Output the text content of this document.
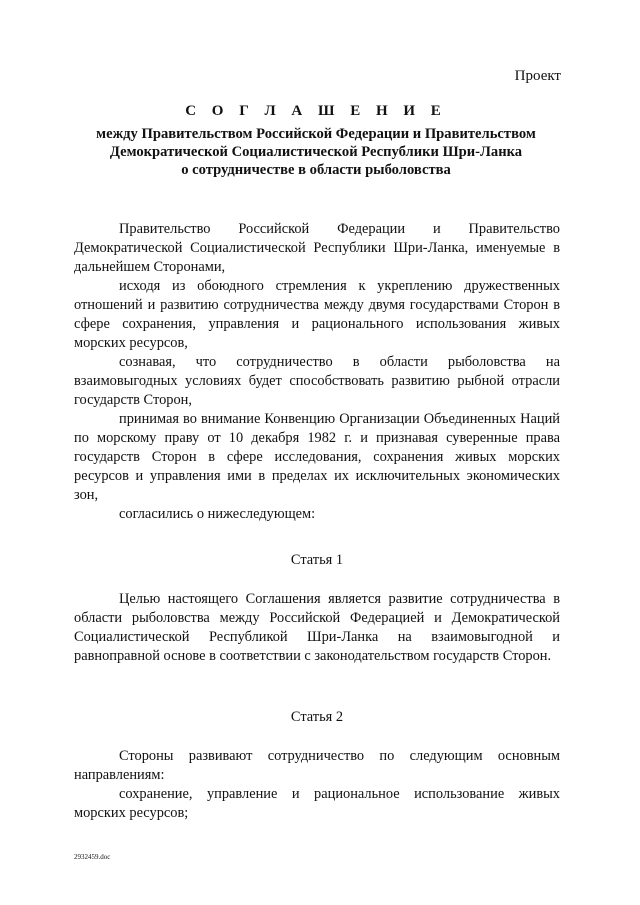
Проект
С О Г Л А Ш Е Н И Е
между Правительством Российской Федерации и Правительством
Демократической Социалистической Республики Шри-Ланка
о сотрудничестве в области рыболовства

Правительство Российской Федерации и Правительство Демократической Социалистической Республики Шри-Ланка, именуемые в дальнейшем Сторонами,

исходя из обоюдного стремления к укреплению дружественных отношений и развитию сотрудничества между двумя государствами Сторон в сфере сохранения, управления и рационального использования живых морских ресурсов,

сознавая, что сотрудничество в области рыболовства на взаимовыгодных условиях будет способствовать развитию рыбной отрасли государств Сторон,

принимая во внимание Конвенцию Организации Объединенных Наций по морскому праву от 10 декабря 1982 г. и признавая суверенные права государств Сторон в сфере исследования, сохранения живых морских ресурсов и управления ими в пределах их исключительных экономических зон,

согласились о нижеследующем:

Статья 1

Целью настоящего Соглашения является развитие сотрудничества в области рыболовства между Российской Федерацией и Демократической Социалистической Республикой Шри-Ланка на взаимовыгодной и равноправной основе в соответствии с законодательством государств Сторон.

Статья 2

Стороны развивают сотрудничество по следующим основным направлениям:

сохранение, управление и рациональное использование живых морских ресурсов;

2932459.doc
